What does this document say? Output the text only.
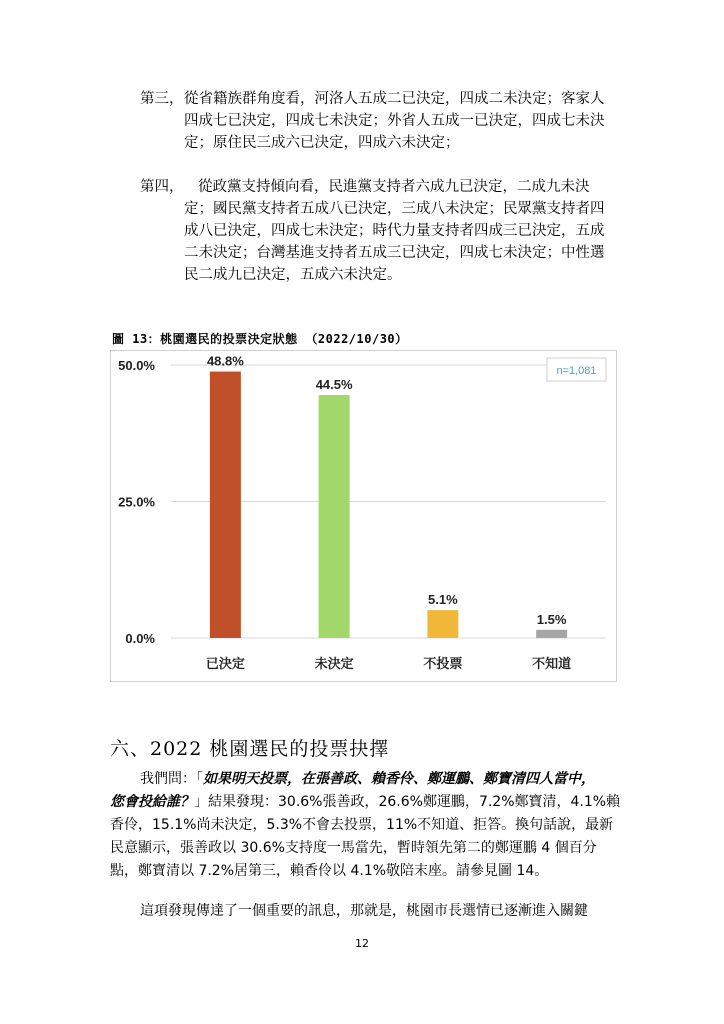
第三， 從省籍族群角度看，河洛人五成二已決定，四成二未決定；客家人
四成七已決定，四成七未決定；外省人五成一已決定，四成七未決
定；原住民三成六已決定，四成六未決定；
第四， 從政黨支持傾向看，民進黨支持者六成九已決定，二成九未決
定；國民黨支持者五成八已決定，三成八未決定；民眾黨支持者四
成八已決定，四成七未決定；時代力量支持者四成三已決定，五成
二未決定；台灣基進支持者五成三已決定，四成七未決定；中性選
民二成九已決定，五成六未決定。
圖 13：桃園選民的投票決定狀態 （2022/10/30）
0.0%
25.0%
50.0%	48.8%
已決定
44.5%
未決定
5.1%
不投票
1.5%
不知道
n=1,081
六、2022 桃園選民的投票抉擇
我們問：「如果明天投票，在張善政、賴香伶、鄭運鵬、鄭寶清四人當中，
您會投給誰？」結果發現：30.6%張善政，26.6%鄭運鵬，7.2%鄭寶清，4.1%賴
香伶，15.1%尚未決定，5.3%不會去投票，11%不知道、拒答。換句話說，最新
民意顯示，張善政以 30.6%支持度一馬當先，暫時領先第二的鄭運鵬 4 個百分
點，鄭寶清以 7.2%居第三，賴香伶以 4.1%敬陪末座。請參見圖 14。
這項發現傳達了一個重要的訊息，那就是，桃園市長選情已逐漸進入關鍵
12
